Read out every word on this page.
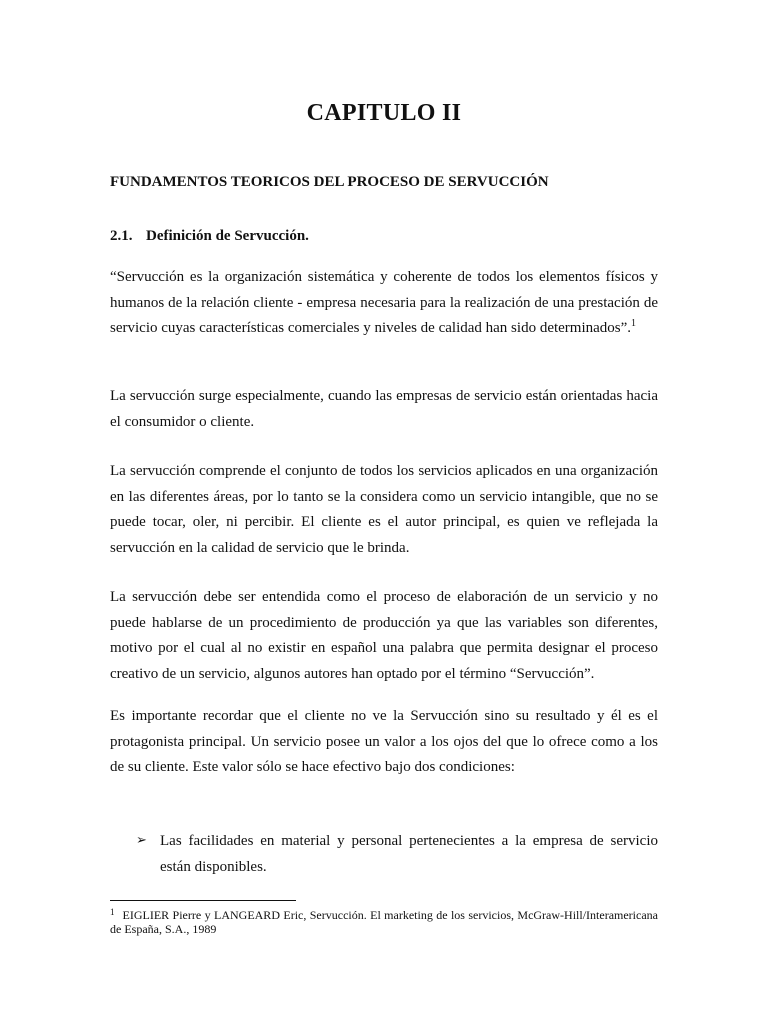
CAPITULO II

FUNDAMENTOS TEORICOS DEL PROCESO DE SERVUCCIÓN

2.1. Definición de Servucción.

“Servucción es la organización sistemática y coherente de todos los elementos físicos y humanos de la relación cliente - empresa necesaria para la realización de una prestación de servicio cuyas características comerciales y niveles de calidad han sido determinados”.$^1$

La servucción surge especialmente, cuando las empresas de servicio están orientadas hacia el consumidor o cliente.

La servucción comprende el conjunto de todos los servicios aplicados en una organización en las diferentes áreas, por lo tanto se la considera como un servicio intangible, que no se puede tocar, oler, ni percibir. El cliente es el autor principal, es quien ve reflejada la servucción en la calidad de servicio que le brinda.

La servucción debe ser entendida como el proceso de elaboración de un servicio y no puede hablarse de un procedimiento de producción ya que las variables son diferentes, motivo por el cual al no existir en español una palabra que permita designar el proceso creativo de un servicio, algunos autores han optado por el término “Servucción”.

Es importante recordar que el cliente no ve la Servucción sino su resultado y él es el protagonista principal. Un servicio posee un valor a los ojos del que lo ofrece como a los de su cliente. Este valor sólo se hace efectivo bajo dos condiciones:

➢ Las facilidades en material y personal pertenecientes a la empresa de servicio están disponibles.

$^1$ EIGLIER Pierre y LANGEARD Eric, Servucción. El marketing de los servicios, McGraw-Hill/Interamericana de España, S.A., 1989
